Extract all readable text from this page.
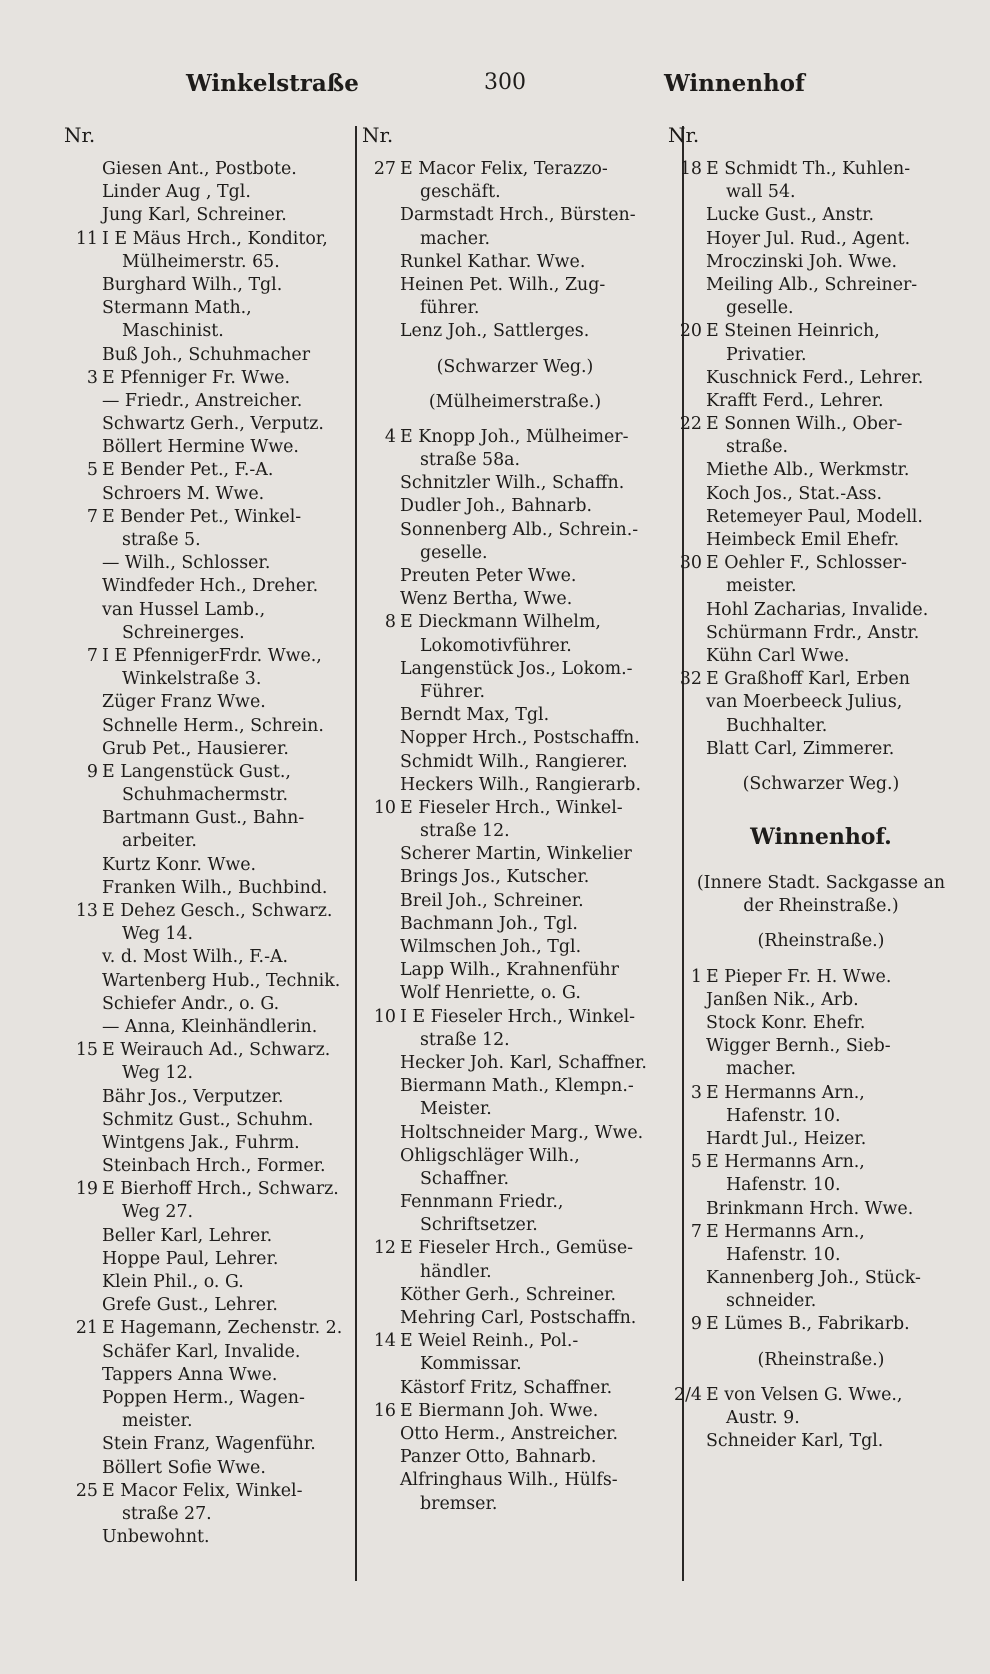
Winkelstraße	300	Winnenhof
Nr.
Giesen Ant., Postbote.
Linder Aug , Tgl.
Jung Karl, Schreiner.
11 I E Mäus Hrch., Konditor,
Mülheimerstr. 65.
Burghard Wilh., Tgl.
Stermann Math.,
Maschinist.
Buß Joh., Schuhmacher
3 E Pfenniger Fr. Wwe.
— Friedr., Anstreicher.
Schwartz Gerh., Verputz.
Böllert Hermine Wwe.
5 E Bender Pet., F.-A.
Schroers M. Wwe.
7 E Bender Pet., Winkel-
straße 5.
— Wilh., Schlosser.
Windfeder Hch., Dreher.
van Hussel Lamb.,
Schreinerges.
7 I E PfennigerFrdr. Wwe.,
Winkelstraße 3.
Züger Franz Wwe.
Schnelle Herm., Schrein.
Grub Pet., Hausierer.
9 E Langenstück Gust.,
Schuhmachermstr.
Bartmann Gust., Bahn-
arbeiter.
Kurtz Konr. Wwe.
Franken Wilh., Buchbind.
13 E Dehez Gesch., Schwarz.
Weg 14.
v. d. Most Wilh., F.-A.
Wartenberg Hub., Technik.
Schiefer Andr., o. G.
— Anna, Kleinhändlerin.
15 E Weirauch Ad., Schwarz.
Weg 12.
Bähr Jos., Verputzer.
Schmitz Gust., Schuhm.
Wintgens Jak., Fuhrm.
Steinbach Hrch., Former.
19 E Bierhoff Hrch., Schwarz.
Weg 27.
Beller Karl, Lehrer.
Hoppe Paul, Lehrer.
Klein Phil., o. G.
Grefe Gust., Lehrer.
21 E Hagemann, Zechenstr. 2.
Schäfer Karl, Invalide.
Tappers Anna Wwe.
Poppen Herm., Wagen-
meister.
Stein Franz, Wagenführ.
Böllert Sofie Wwe.
25 E Macor Felix, Winkel-
straße 27.
Unbewohnt.
Nr.
27 E Macor Felix, Terazzo-
geschäft.
Darmstadt Hrch., Bürsten-
macher.
Runkel Kathar. Wwe.
Heinen Pet. Wilh., Zug-
führer.
Lenz Joh., Sattlerges.
(Schwarzer Weg.)
(Mülheimerstraße.)
4 E Knopp Joh., Mülheimer-
straße 58a.
Schnitzler Wilh., Schaffn.
Dudler Joh., Bahnarb.
Sonnenberg Alb., Schrein.-
geselle.
Preuten Peter Wwe.
Wenz Bertha, Wwe.
8 E Dieckmann Wilhelm,
Lokomotivführer.
Langenstück Jos., Lokom.-
Führer.
Berndt Max, Tgl.
Nopper Hrch., Postschaffn.
Schmidt Wilh., Rangierer.
Heckers Wilh., Rangierarb.
10 E Fieseler Hrch., Winkel-
straße 12.
Scherer Martin, Winkelier
Brings Jos., Kutscher.
Breil Joh., Schreiner.
Bachmann Joh., Tgl.
Wilmschen Joh., Tgl.
Lapp Wilh., Krahnenführ
Wolf Henriette, o. G.
10 I E Fieseler Hrch., Winkel-
straße 12.
Hecker Joh. Karl, Schaffner.
Biermann Math., Klempn.-
Meister.
Holtschneider Marg., Wwe.
Ohligschläger Wilh.,
Schaffner.
Fennmann Friedr.,
Schriftsetzer.
12 E Fieseler Hrch., Gemüse-
händler.
Köther Gerh., Schreiner.
Mehring Carl, Postschaffn.
14 E Weiel Reinh., Pol.-
Kommissar.
Kästorf Fritz, Schaffner.
16 E Biermann Joh. Wwe.
Otto Herm., Anstreicher.
Panzer Otto, Bahnarb.
Alfringhaus Wilh., Hülfs-
bremser.
Nr.
18 E Schmidt Th., Kuhlen-
wall 54.
Lucke Gust., Anstr.
Hoyer Jul. Rud., Agent.
Mroczinski Joh. Wwe.
Meiling Alb., Schreiner-
geselle.
20 E Steinen Heinrich,
Privatier.
Kuschnick Ferd., Lehrer.
Krafft Ferd., Lehrer.
22 E Sonnen Wilh., Ober-
straße.
Miethe Alb., Werkmstr.
Koch Jos., Stat.-Ass.
Retemeyer Paul, Modell.
Heimbeck Emil Ehefr.
30 E Oehler F., Schlosser-
meister.
Hohl Zacharias, Invalide.
Schürmann Frdr., Anstr.
Kühn Carl Wwe.
32 E Graßhoff Karl, Erben
van Moerbeeck Julius,
Buchhalter.
Blatt Carl, Zimmerer.
(Schwarzer Weg.)
Winnenhof.
(Innere Stadt. Sackgasse an
der Rheinstraße.)
(Rheinstraße.)
1 E Pieper Fr. H. Wwe.
Janßen Nik., Arb.
Stock Konr. Ehefr.
Wigger Bernh., Sieb-
macher.
3 E Hermanns Arn.,
Hafenstr. 10.
Hardt Jul., Heizer.
5 E Hermanns Arn.,
Hafenstr. 10.
Brinkmann Hrch. Wwe.
7 E Hermanns Arn.,
Hafenstr. 10.
Kannenberg Joh., Stück-
schneider.
9 E Lümes B., Fabrikarb.
(Rheinstraße.)
2/4 E von Velsen G. Wwe.,
Austr. 9.
Schneider Karl, Tgl.
